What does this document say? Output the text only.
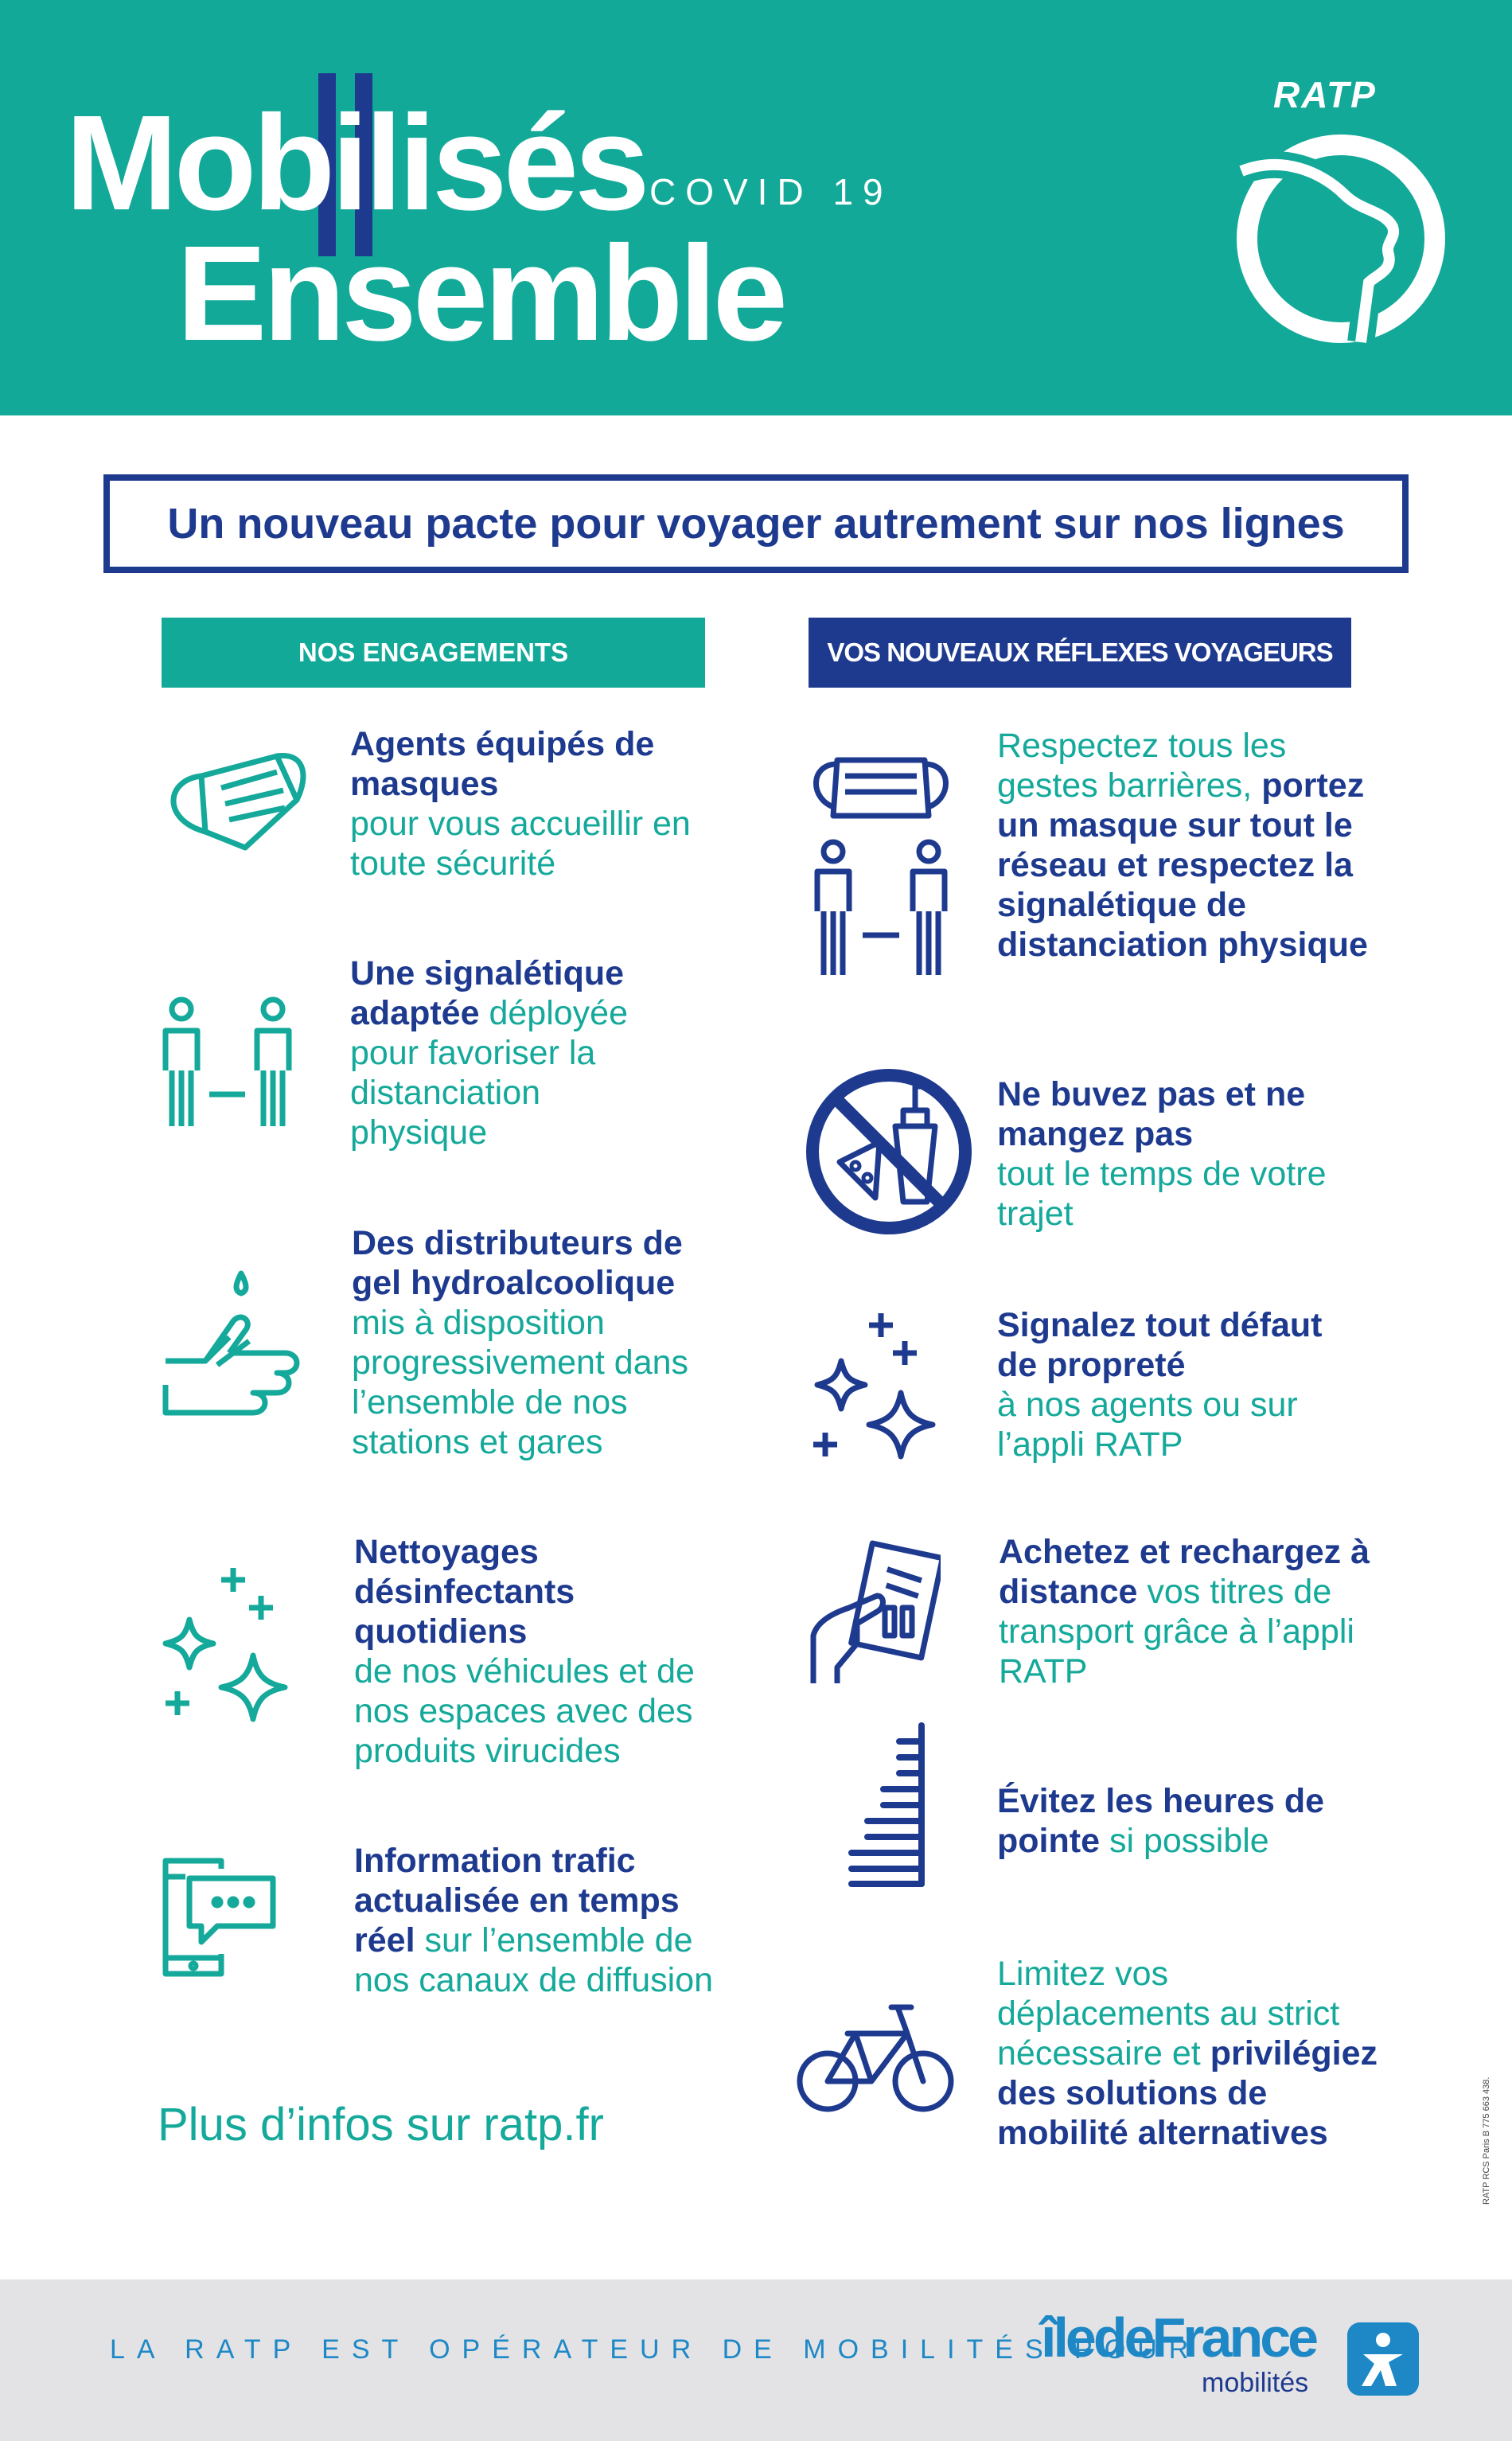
Mobilisés
Ensemble
COVID 19
RATP
Un nouveau pacte pour voyager autrement sur nos lignes
NOS ENGAGEMENTS	VOS NOUVEAUX RÉFLEXES VOYAGEURS
Agents équipés de masques
pour vous accueillir en toute sécurité
Une signalétique adaptée déployée pour favoriser la distanciation physique
Des distributeurs de gel hydroalcoolique
mis à disposition progressivement dans l’ensemble de nos stations et gares
Nettoyages désinfectants quotidiens
de nos véhicules et de nos espaces avec des produits virucides
Information trafic actualisée en temps réel sur l’ensemble de nos canaux de diffusion
Plus d’infos sur ratp.fr
Respectez tous les gestes barrières, portez un masque sur tout le réseau et respectez la signalétique de distanciation physique
Ne buvez pas et ne mangez pas
tout le temps de votre trajet
Signalez tout défaut de propreté
à nos agents ou sur l’appli RATP
Achetez et rechargez à distance vos titres de transport grâce à l’appli RATP
Évitez les heures de pointe si possible
Limitez vos déplacements au strict nécessaire et privilégiez des solutions de mobilité alternatives	RATP RCS Paris B 775 663 438.
LA RATP EST OPÉRATEUR DE MOBILITÉS POUR
îledeFrance
mobilités
